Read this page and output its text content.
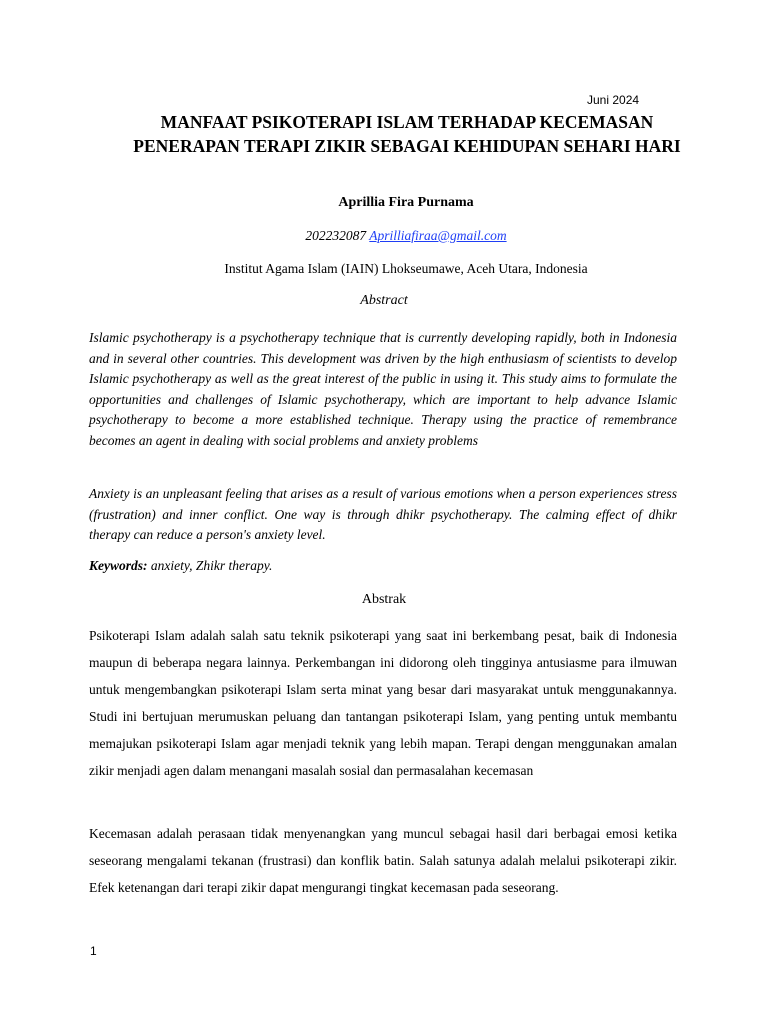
Juni 2024
MANFAAT PSIKOTERAPI ISLAM TERHADAP KECEMASAN PENERAPAN TERAPI ZIKIR SEBAGAI KEHIDUPAN SEHARI HARI
Aprillia Fira Purnama
202232087 Aprilliafiraa@gmail.com
Institut Agama Islam (IAIN) Lhokseumawe, Aceh Utara, Indonesia
Abstract

Islamic psychotherapy is a psychotherapy technique that is currently developing rapidly, both in Indonesia and in several other countries. This development was driven by the high enthusiasm of scientists to develop Islamic psychotherapy as well as the great interest of the public in using it. This study aims to formulate the opportunities and challenges of Islamic psychotherapy, which are important to help advance Islamic psychotherapy to become a more established technique. Therapy using the practice of remembrance becomes an agent in dealing with social problems and anxiety problems

Anxiety is an unpleasant feeling that arises as a result of various emotions when a person experiences stress (frustration) and inner conflict. One way is through dhikr psychotherapy. The calming effect of dhikr therapy can reduce a person's anxiety level.

Keywords: anxiety, Zhikr therapy.
Abstrak

Psikoterapi Islam adalah salah satu teknik psikoterapi yang saat ini berkembang pesat, baik di Indonesia maupun di beberapa negara lainnya. Perkembangan ini didorong oleh tingginya antusiasme para ilmuwan untuk mengembangkan psikoterapi Islam serta minat yang besar dari masyarakat untuk menggunakannya. Studi ini bertujuan merumuskan peluang dan tantangan psikoterapi Islam, yang penting untuk membantu memajukan psikoterapi Islam agar menjadi teknik yang lebih mapan. Terapi dengan menggunakan amalan zikir menjadi agen dalam menangani masalah sosial dan permasalahan kecemasan

Kecemasan adalah perasaan tidak menyenangkan yang muncul sebagai hasil dari berbagai emosi ketika seseorang mengalami tekanan (frustrasi) dan konflik batin. Salah satunya adalah melalui psikoterapi zikir. Efek ketenangan dari terapi zikir dapat mengurangi tingkat kecemasan pada seseorang.

1
